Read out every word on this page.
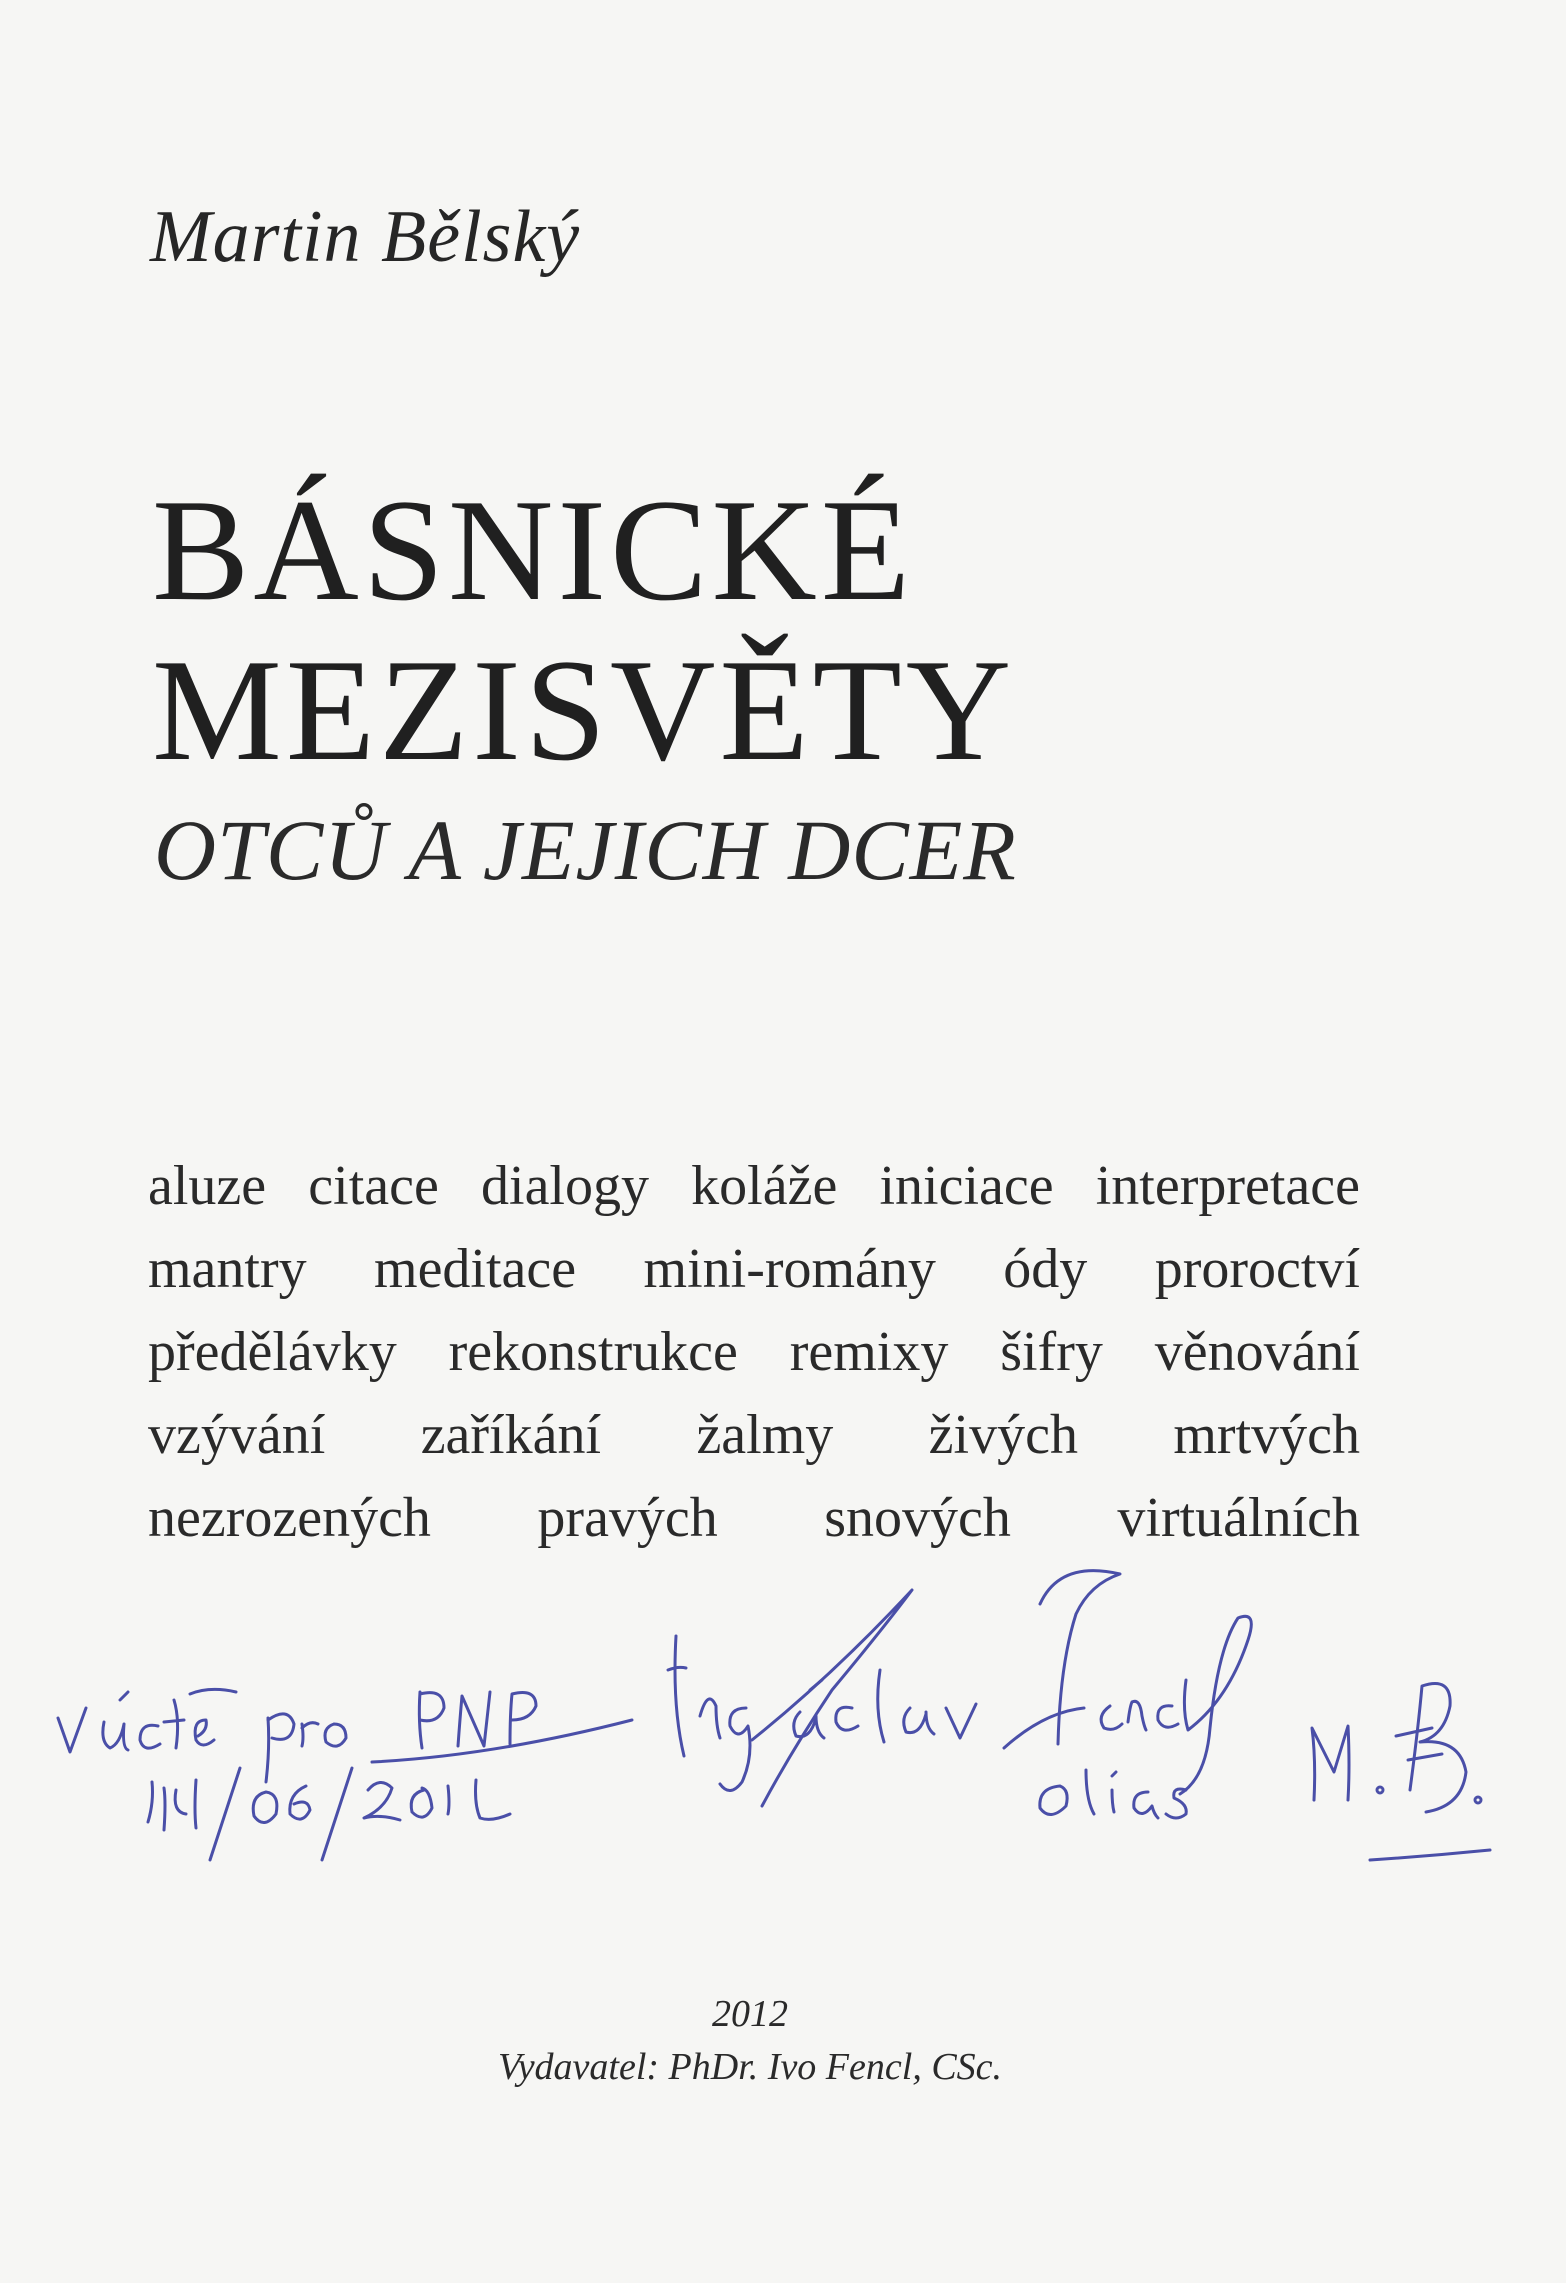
Martin Bělský
BÁSNICKÉ
MEZISVĚTY
OTCŮ A JEJICH DCER
aluze citace dialogy koláže iniciace interpretace
mantry meditace mini-romány ódy proroctví
předělávky rekonstrukce remixy šifry věnování
vzývání zaříkání žalmy živých mrtvých
nezrozených pravých snových virtuálních
2012
Vydavatel: PhDr. Ivo Fencl, CSc.
